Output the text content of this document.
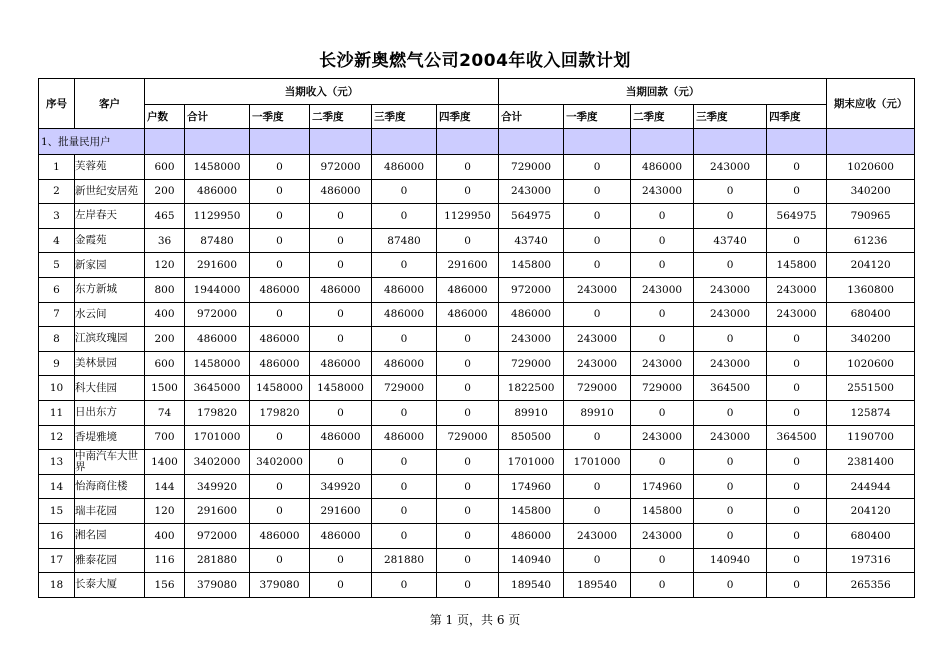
长沙新奥燃气公司2004年收入回款计划
序号	客户	当期收入（元）						当期回款（元）					期末应收（元）
		户数	合计	一季度	二季度	三季度	四季度	合计	一季度	二季度	三季度	四季度	
1、批量民用户													
1	芙蓉苑	600	1458000	0	972000	486000	0	729000	0	486000	243000	0	1020600
2	新世纪安居苑	200	486000	0	486000	0	0	243000	0	243000	0	0	340200
3	左岸春天	465	1129950	0	0	0	1129950	564975	0	0	0	564975	790965
4	金霞苑	36	87480	0	0	87480	0	43740	0	0	43740	0	61236
5	新家园	120	291600	0	0	0	291600	145800	0	0	0	145800	204120
6	东方新城	800	1944000	486000	486000	486000	486000	972000	243000	243000	243000	243000	1360800
7	水云间	400	972000	0	0	486000	486000	486000	0	0	243000	243000	680400
8	江滨玫瑰园	200	486000	486000	0	0	0	243000	243000	0	0	0	340200
9	美林景园	600	1458000	486000	486000	486000	0	729000	243000	243000	243000	0	1020600
10	科大佳园	1500	3645000	1458000	1458000	729000	0	1822500	729000	729000	364500	0	2551500
11	日出东方	74	179820	179820	0	0	0	89910	89910	0	0	0	125874
12	香堤雅境	700	1701000	0	486000	486000	729000	850500	0	243000	243000	364500	1190700
13	中南汽车大世界	1400	3402000	3402000	0	0	0	1701000	1701000	0	0	0	2381400
14	怡海商住楼	144	349920	0	349920	0	0	174960	0	174960	0	0	244944
15	瑞丰花园	120	291600	0	291600	0	0	145800	0	145800	0	0	204120
16	湘名园	400	972000	486000	486000	0	0	486000	243000	243000	0	0	680400
17	雅泰花园	116	281880	0	0	281880	0	140940	0	0	140940	0	197316
18	长泰大厦	156	379080	379080	0	0	0	189540	189540	0	0	0	265356
第 1 页，共 6 页
